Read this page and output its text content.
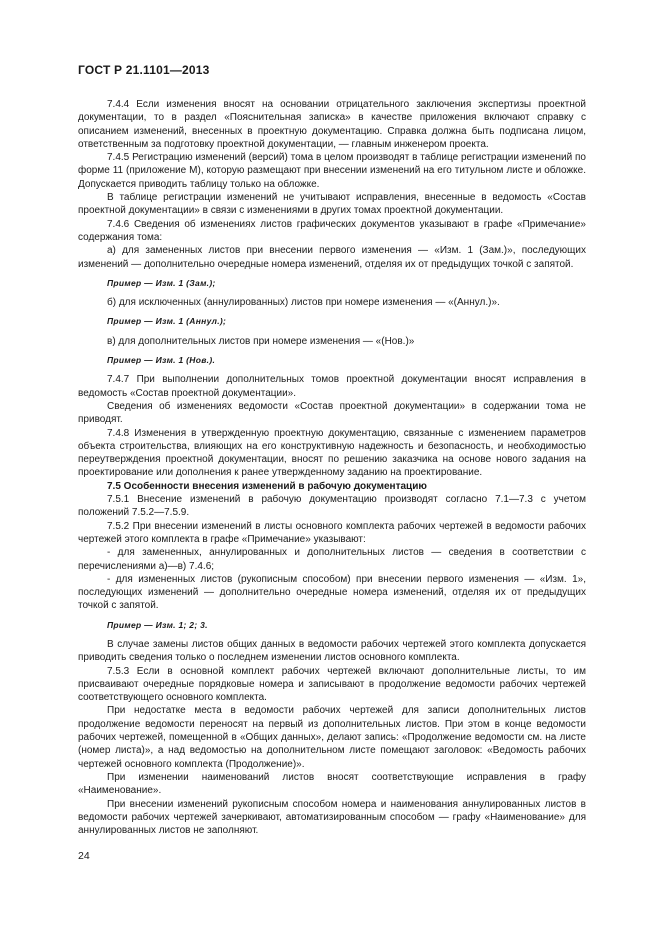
ГОСТ Р 21.1101—2013

7.4.4 Если изменения вносят на основании отрицательного заключения экспертизы проектной документации, то в раздел «Пояснительная записка» в качестве приложения включают справку с описанием изменений, внесенных в проектную документацию. Справка должна быть подписана лицом, ответственным за подготовку проектной документации, — главным инженером проекта.

7.4.5 Регистрацию изменений (версий) тома в целом производят в таблице регистрации изменений по форме 11 (приложение М), которую размещают при внесении изменений на его титульном листе и обложке. Допускается приводить таблицу только на обложке.

В таблице регистрации изменений не учитывают исправления, внесенные в ведомость «Состав проектной документации» в связи с изменениями в других томах проектной документации.

7.4.6 Сведения об изменениях листов графических документов указывают в графе «Примечание» содержания тома:

а) для замененных листов при внесении первого изменения — «Изм. 1 (Зам.)», последующих изменений — дополнительно очередные номера изменений, отделяя их от предыдущих точкой с запятой.

Пример — Изм. 1 (Зам.);

б) для исключенных (аннулированных) листов при номере изменения — «(Аннул.)».

Пример — Изм. 1 (Аннул.);

в) для дополнительных листов при номере изменения — «(Нов.)»

Пример — Изм. 1 (Нов.).

7.4.7 При выполнении дополнительных томов проектной документации вносят исправления в ведомость «Состав проектной документации».

Сведения об изменениях ведомости «Состав проектной документации» в содержании тома не приводят.

7.4.8 Изменения в утвержденную проектную документацию, связанные с изменением параметров объекта строительства, влияющих на его конструктивную надежность и безопасность, и необходимостью переутверждения проектной документации, вносят по решению заказчика на основе нового задания на проектирование или дополнения к ранее утвержденному заданию на проектирование.

7.5 Особенности внесения изменений в рабочую документацию

7.5.1 Внесение изменений в рабочую документацию производят согласно 7.1—7.3 с учетом положений 7.5.2—7.5.9.

7.5.2 При внесении изменений в листы основного комплекта рабочих чертежей в ведомости рабочих чертежей этого комплекта в графе «Примечание» указывают:

- для замененных, аннулированных и дополнительных листов — сведения в соответствии с перечислениями а)—в) 7.4.6;

- для измененных листов (рукописным способом) при внесении первого изменения — «Изм. 1», последующих изменений — дополнительно очередные номера изменений, отделяя их от предыдущих точкой с запятой.

Пример — Изм. 1; 2; 3.

В случае замены листов общих данных в ведомости рабочих чертежей этого комплекта допускается приводить сведения только о последнем изменении листов основного комплекта.

7.5.3 Если в основной комплект рабочих чертежей включают дополнительные листы, то им присваивают очередные порядковые номера и записывают в продолжение ведомости рабочих чертежей соответствующего основного комплекта.

При недостатке места в ведомости рабочих чертежей для записи дополнительных листов продолжение ведомости переносят на первый из дополнительных листов. При этом в конце ведомости рабочих чертежей, помещенной в «Общих данных», делают запись: «Продолжение ведомости см. на листе (номер листа)», а над ведомостью на дополнительном листе помещают заголовок: «Ведомость рабочих чертежей основного комплекта (Продолжение)».

При изменении наименований листов вносят соответствующие исправления в графу «Наименование».

При внесении изменений рукописным способом номера и наименования аннулированных листов в ведомости рабочих чертежей зачеркивают, автоматизированным способом — графу «Наименование» для аннулированных листов не заполняют.

24
